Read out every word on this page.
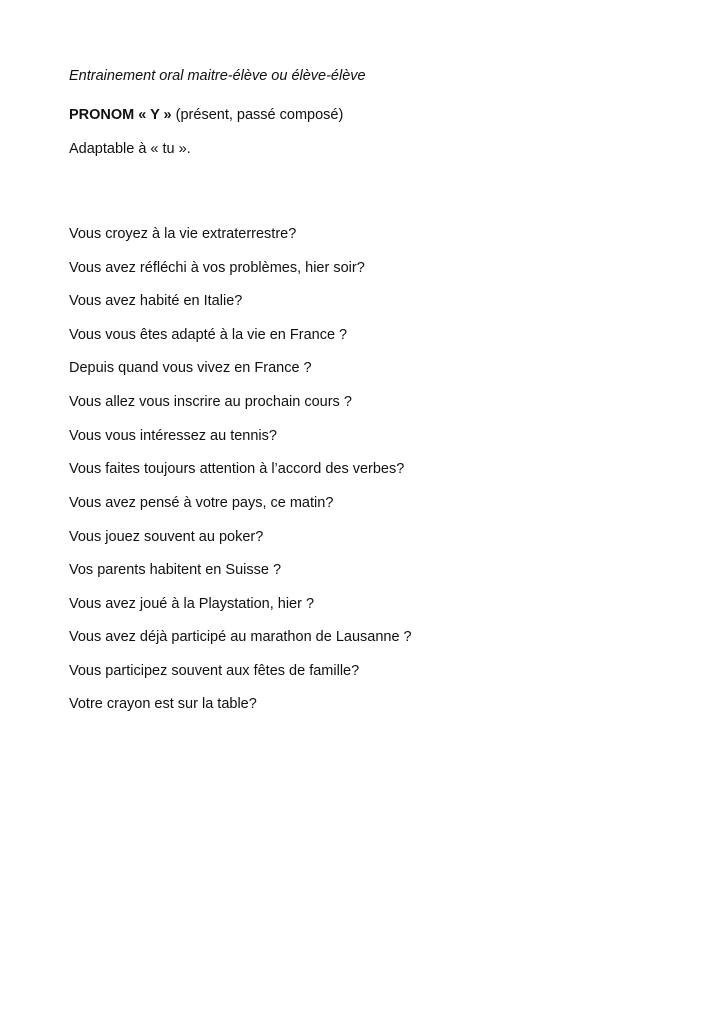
Entrainement oral maitre-élève ou élève-élève
PRONOM « Y » (présent, passé composé)
Adaptable à « tu ».
Vous croyez à la vie extraterrestre?
Vous avez réfléchi à vos problèmes, hier soir?
Vous avez habité en Italie?
Vous vous êtes adapté à la vie en France ?
Depuis quand vous vivez en France ?
Vous allez vous inscrire au prochain cours ?
Vous vous intéressez au tennis?
Vous faites toujours attention à l’accord des verbes?
Vous avez pensé à votre pays, ce matin?
Vous jouez souvent au poker?
Vos parents habitent en Suisse ?
Vous avez joué à la Playstation, hier ?
Vous avez déjà participé au marathon de Lausanne ?
Vous participez souvent aux fêtes de famille?
Votre crayon est sur la table?
